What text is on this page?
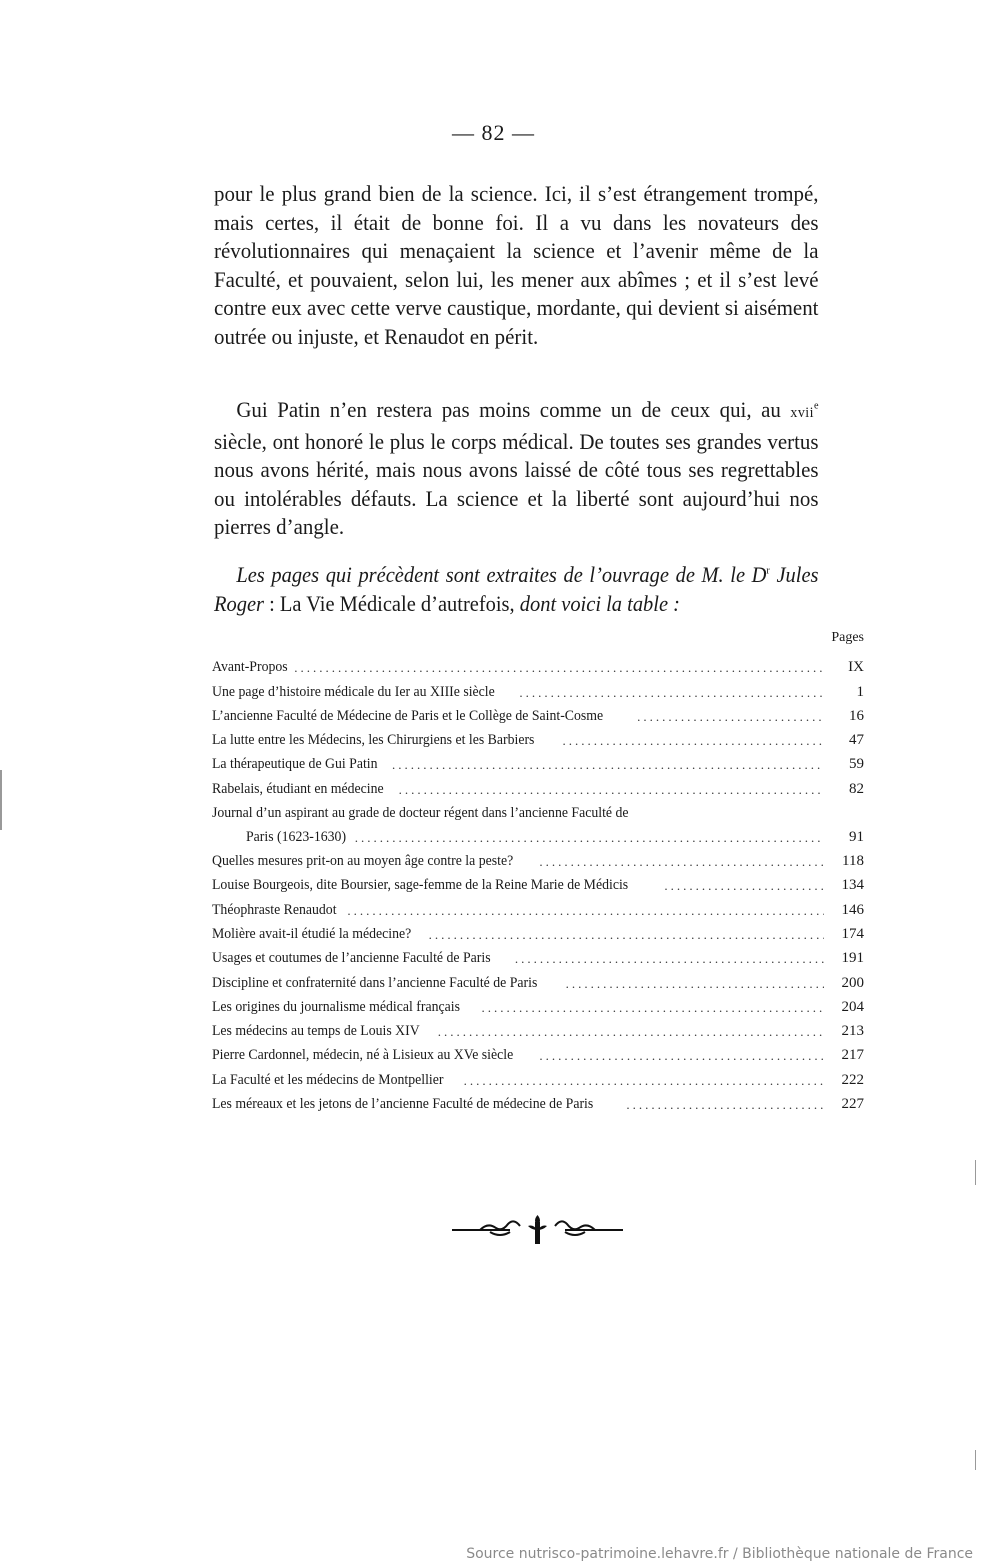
— 82 —

pour le plus grand bien de la science. Ici, il s’est étrangement trompé, mais certes, il était de bonne foi. Il a vu dans les novateurs des révolutionnaires qui menaçaient la science et l’avenir même de la Faculté, et pouvaient, selon lui, les mener aux abîmes ; et il s’est levé contre eux avec cette verve caustique, mordante, qui devient si aisément outrée ou injuste, et Renaudot en périt.

Gui Patin n’en restera pas moins comme un de ceux qui, au xvii$^e$ siècle, ont honoré le plus le corps médical. De toutes ses grandes vertus nous avons hérité, mais nous avons laissé de côté tous ses regrettables ou intolérables défauts. La science et la liberté sont aujourd’hui nos pierres d’angle.

Les pages qui précèdent sont extraites de l’ouvrage de M. le $D^r$ Jules Roger : La Vie Médicale d’autrefois, dont voici la table :

Pages
Avant-Propos .....	IX
Une page d’histoire médicale du Ier au XIIIe siècle .....	1
L’ancienne Faculté de Médecine de Paris et le Collège de Saint-Cosme .....	16
La lutte entre les Médecins, les Chirurgiens et les Barbiers .....	47
La thérapeutique de Gui Patin .....	59
Rabelais, étudiant en médecine .....	82
Journal d’un aspirant au grade de docteur régent dans l’ancienne Faculté de
Paris (1623-1630) .....	91
Quelles mesures prit-on au moyen âge contre la peste? .....	118
Louise Bourgeois, dite Boursier, sage-femme de la Reine Marie de Médicis .....	134
Théophraste Renaudot .....	146
Molière avait-il étudié la médecine? .....	174
Usages et coutumes de l’ancienne Faculté de Paris .....	191
Discipline et confraternité dans l’ancienne Faculté de Paris .....	200
Les origines du journalisme médical français .....	204
Les médecins au temps de Louis XIV .....	213
Pierre Cardonnel, médecin, né à Lisieux au XVe siècle .....	217
La Faculté et les médecins de Montpellier .....	222
Les méreaux et les jetons de l’ancienne Faculté de médecine de Paris .....	227
Source nutrisco-patrimoine.lehavre.fr / Bibliothèque nationale de France
